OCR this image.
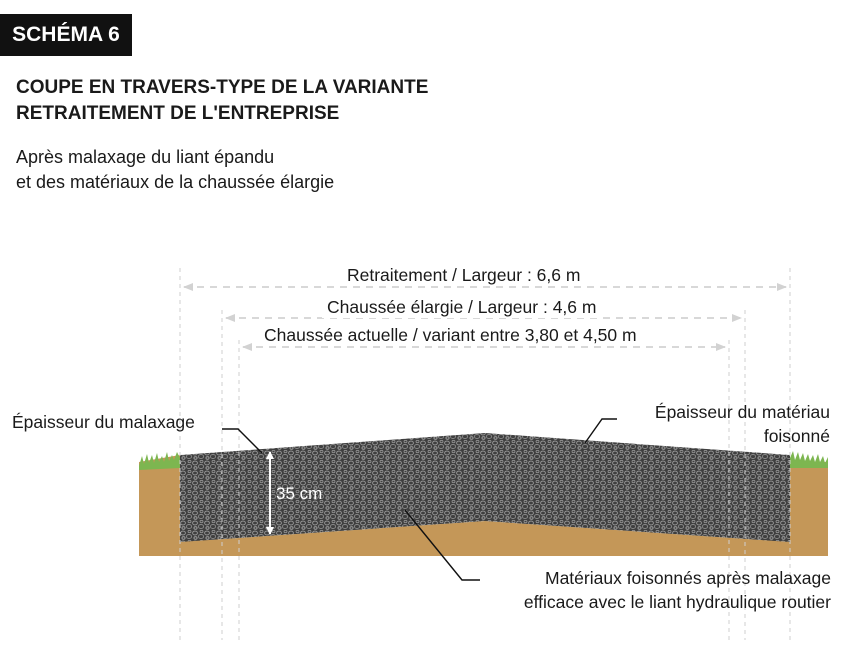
SCHÉMA 6
COUPE EN TRAVERS-TYPE DE LA VARIANTE
RETRAITEMENT DE L'ENTREPRISE
Après malaxage du liant épandu
et des matériaux de la chaussée élargie
Retraitement / Largeur : 6,6 m
Chaussée élargie / Largeur : 4,6 m
Chaussée actuelle / variant entre 3,80 et 4,50 m
35 cm
Épaisseur du malaxage	Épaisseur du matériau
foisonné
Matériaux foisonnés après malaxage
efficace avec le liant hydraulique routier
